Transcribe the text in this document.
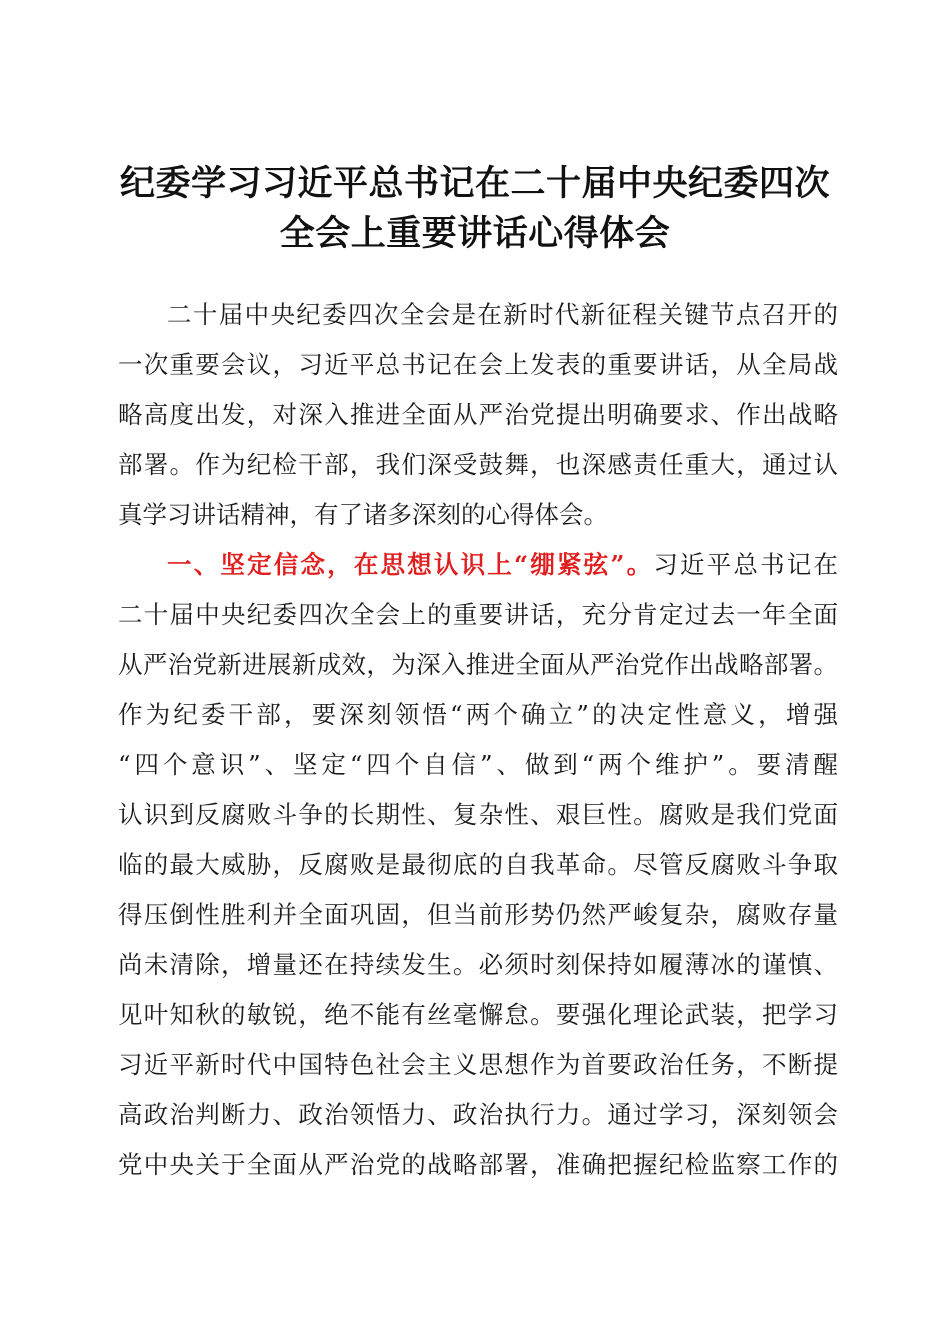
纪委学习习近平总书记在二十届中央纪委四次
全会上重要讲话心得体会
二十届中央纪委四次全会是在新时代新征程关键节点召开的
一次重要会议，习近平总书记在会上发表的重要讲话，从全局战
略高度出发，对深入推进全面从严治党提出明确要求、作出战略
部署。作为纪检干部，我们深受鼓舞，也深感责任重大，通过认
真学习讲话精神，有了诸多深刻的心得体会。
一、坚定信念，在思想认识上“绷紧弦”。习近平总书记在
二十届中央纪委四次全会上的重要讲话，充分肯定过去一年全面
从严治党新进展新成效，为深入推进全面从严治党作出战略部署。
作为纪委干部，要深刻领悟“两个确立”的决定性意义，增强
“四个意识”、坚定“四个自信”、做到“两个维护”。要清醒
认识到反腐败斗争的长期性、复杂性、艰巨性。腐败是我们党面
临的最大威胁，反腐败是最彻底的自我革命。尽管反腐败斗争取
得压倒性胜利并全面巩固，但当前形势仍然严峻复杂，腐败存量
尚未清除，增量还在持续发生。必须时刻保持如履薄冰的谨慎、
见叶知秋的敏锐，绝不能有丝毫懈怠。要强化理论武装，把学习
习近平新时代中国特色社会主义思想作为首要政治任务，不断提
高政治判断力、政治领悟力、政治执行力。通过学习，深刻领会
党中央关于全面从严治党的战略部署，准确把握纪检监察工作的
